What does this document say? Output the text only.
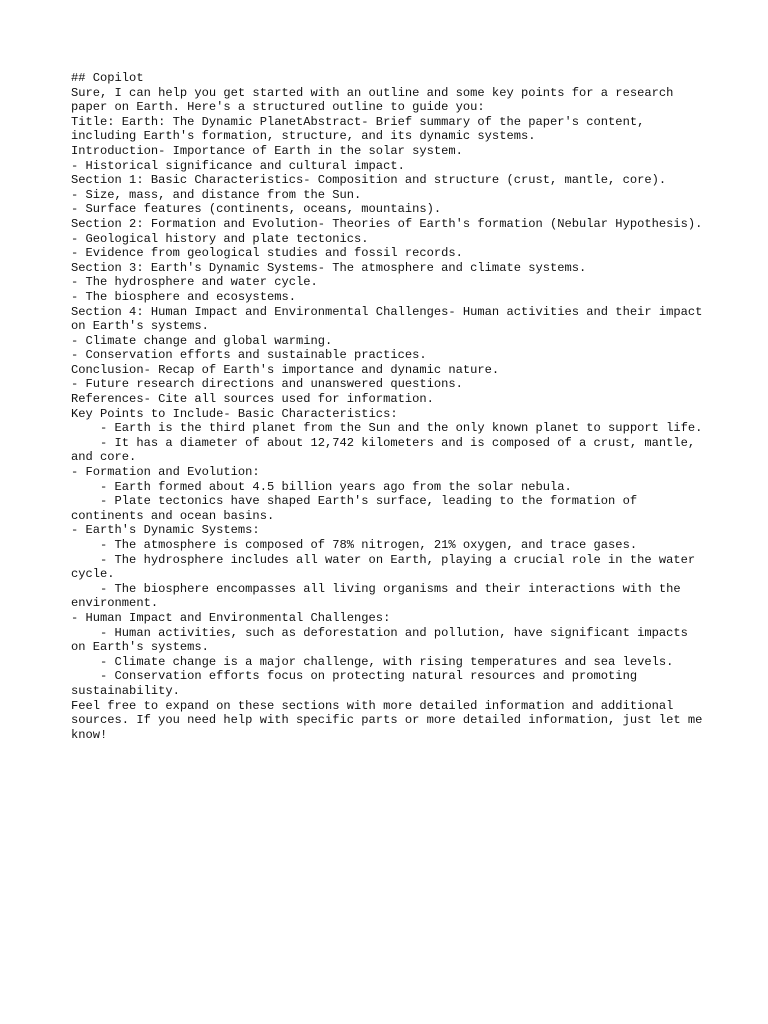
## Copilot
Sure, I can help you get started with an outline and some key points for a research paper on Earth. Here's a structured outline to guide you:
Title: Earth: The Dynamic PlanetAbstract- Brief summary of the paper's content, including Earth's formation, structure, and its dynamic systems.
Introduction- Importance of Earth in the solar system.
- Historical significance and cultural impact.
Section 1: Basic Characteristics- Composition and structure (crust, mantle, core).
- Size, mass, and distance from the Sun.
- Surface features (continents, oceans, mountains).
Section 2: Formation and Evolution- Theories of Earth's formation (Nebular Hypothesis).
- Geological history and plate tectonics.
- Evidence from geological studies and fossil records.
Section 3: Earth's Dynamic Systems- The atmosphere and climate systems.
- The hydrosphere and water cycle.
- The biosphere and ecosystems.
Section 4: Human Impact and Environmental Challenges- Human activities and their impact on Earth's systems.
- Climate change and global warming.
- Conservation efforts and sustainable practices.
Conclusion- Recap of Earth's importance and dynamic nature.
- Future research directions and unanswered questions.
References- Cite all sources used for information.
Key Points to Include- Basic Characteristics:
- Earth is the third planet from the Sun and the only known planet to support life.
- It has a diameter of about 12,742 kilometers and is composed of a crust, mantle, and core.
- Formation and Evolution:
- Earth formed about 4.5 billion years ago from the solar nebula.
- Plate tectonics have shaped Earth's surface, leading to the formation of continents and ocean basins.
- Earth's Dynamic Systems:
- The atmosphere is composed of 78% nitrogen, 21% oxygen, and trace gases.
- The hydrosphere includes all water on Earth, playing a crucial role in the water cycle.
- The biosphere encompasses all living organisms and their interactions with the environment.
- Human Impact and Environmental Challenges:
- Human activities, such as deforestation and pollution, have significant impacts on Earth's systems.
- Climate change is a major challenge, with rising temperatures and sea levels.
- Conservation efforts focus on protecting natural resources and promoting sustainability.
Feel free to expand on these sections with more detailed information and additional sources. If you need help with specific parts or more detailed information, just let me know!
